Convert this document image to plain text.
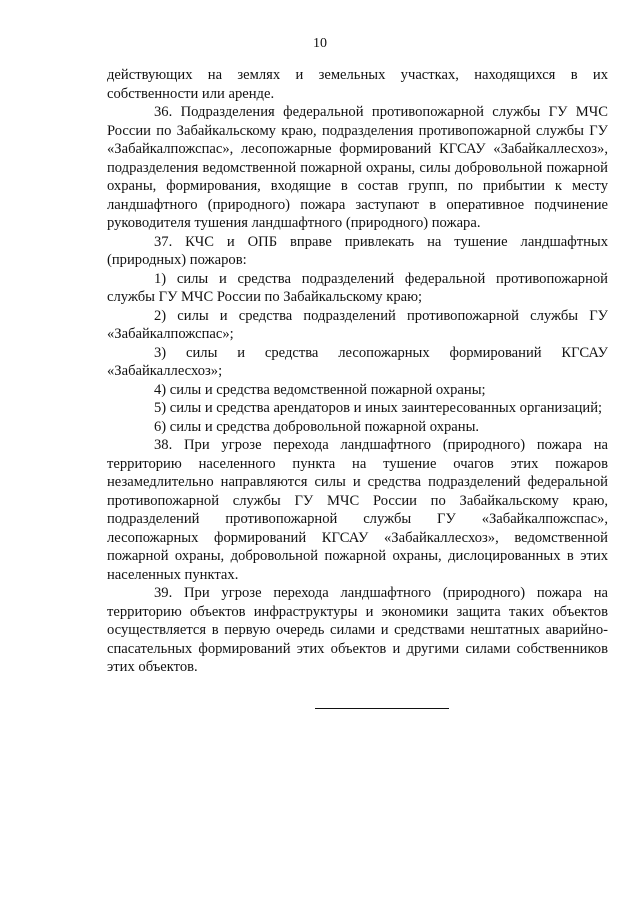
10

действующих на землях и земельных участках, находящихся в их собственности или аренде.

36. Подразделения федеральной противопожарной службы ГУ МЧС России по Забайкальскому краю, подразделения противопожарной службы ГУ «Забайкалпожспас», лесопожарные формирований КГСАУ «Забайкаллесхоз», подразделения ведомственной пожарной охраны, силы добровольной пожарной охраны, формирования, входящие в состав групп, по прибытии к месту ландшафтного (природного) пожара заступают в оперативное подчинение руководителя тушения ландшафтного (природного) пожара.

37. КЧС и ОПБ вправе привлекать на тушение ландшафтных (природных) пожаров:

1) силы и средства подразделений федеральной противопожарной службы ГУ МЧС России по Забайкальскому краю;

2) силы и средства подразделений противопожарной службы ГУ «Забайкалпожспас»;

3) силы и средства лесопожарных формирований КГСАУ «Забайкаллесхоз»;

4) силы и средства ведомственной пожарной охраны;

5) силы и средства арендаторов и иных заинтересованных организаций;

6) силы и средства добровольной пожарной охраны.

38. При угрозе перехода ландшафтного (природного) пожара на территорию населенного пункта на тушение очагов этих пожаров незамедлительно направляются силы и средства подразделений федеральной противопожарной службы ГУ МЧС России по Забайкальскому краю, подразделений противопожарной службы ГУ «Забайкалпожспас», лесопожарных формирований КГСАУ «Забайкаллесхоз», ведомственной пожарной охраны, добровольной пожарной охраны, дислоцированных в этих населенных пунктах.

39. При угрозе перехода ландшафтного (природного) пожара на территорию объектов инфраструктуры и экономики защита таких объектов осуществляется в первую очередь силами и средствами нештатных аварийно-спасательных формирований этих объектов и другими силами собственников этих объектов.
